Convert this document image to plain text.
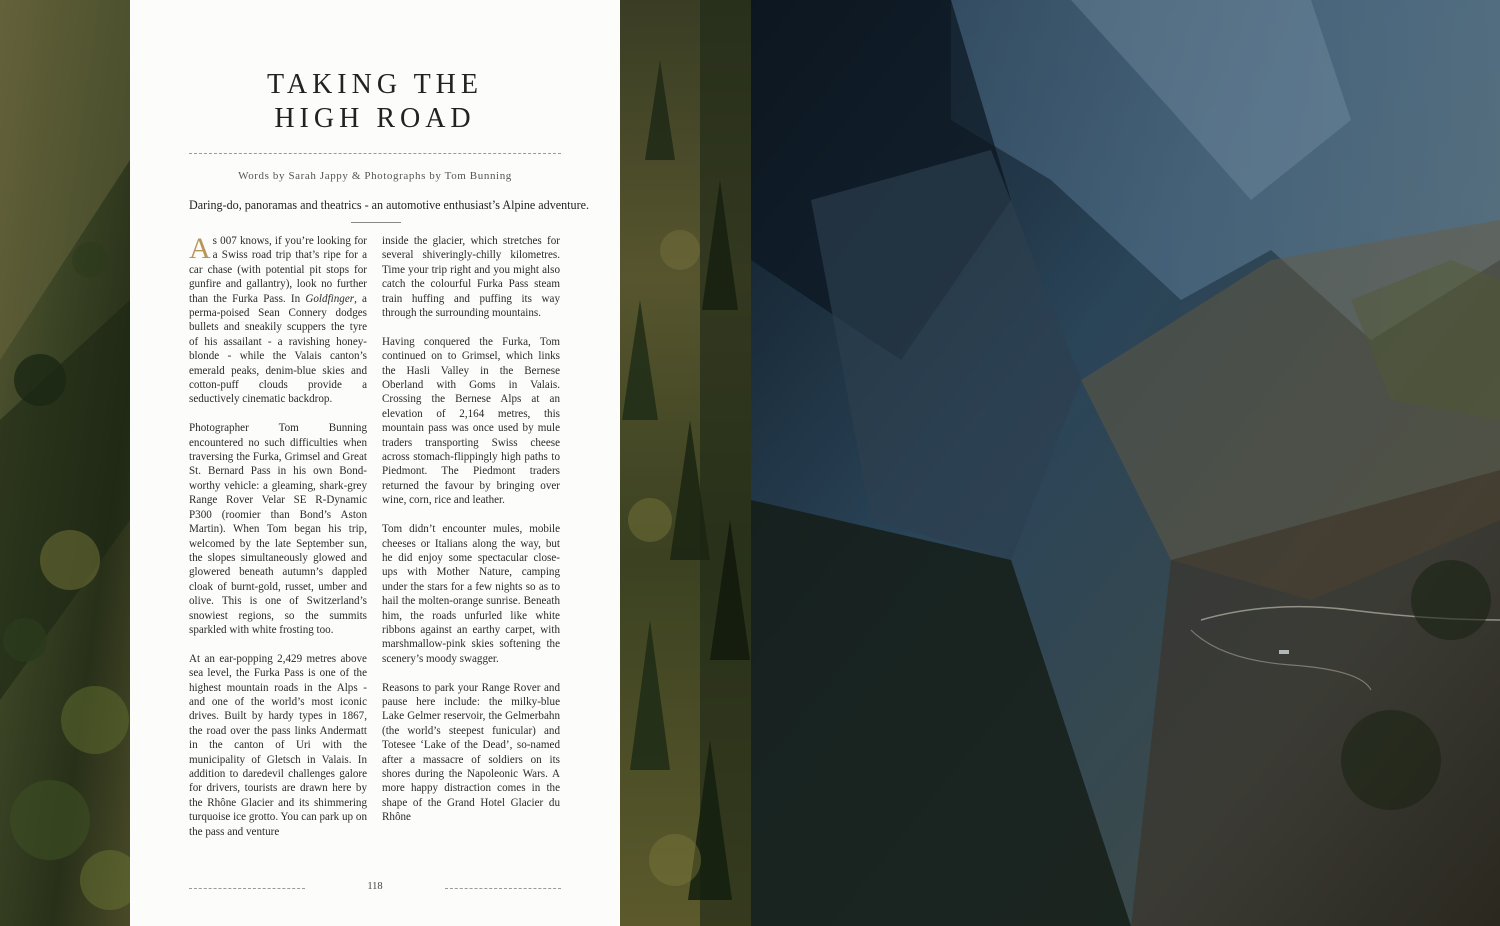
TAKING THE
HIGH ROAD
Words by Sarah Jappy & Photographs by Tom Bunning
Daring-do, panoramas and theatrics - an automotive enthusiast’s Alpine adventure.

As 007 knows, if you’re looking for a Swiss road trip that’s ripe for a car chase (with potential pit stops for gunfire and gallantry), look no further than the Furka Pass. In Goldfinger, a perma-poised Sean Connery dodges bullets and sneakily scuppers the tyre of his assailant - a ravishing honey-blonde - while the Valais canton’s emerald peaks, denim-blue skies and cotton-puff clouds provide a seductively cinematic backdrop.

Photographer Tom Bunning encountered no such difficulties when traversing the Furka, Grimsel and Great St. Bernard Pass in his own Bond-worthy vehicle: a gleaming, shark-grey Range Rover Velar SE R-Dynamic P300 (roomier than Bond’s Aston Martin). When Tom began his trip, welcomed by the late September sun, the slopes simultaneously glowed and glowered beneath autumn’s dappled cloak of burnt-gold, russet, umber and olive. This is one of Switzerland’s snowiest regions, so the summits sparkled with white frosting too.

At an ear-popping 2,429 metres above sea level, the Furka Pass is one of the highest mountain roads in the Alps - and one of the world’s most iconic drives. Built by hardy types in 1867, the road over the pass links Andermatt in the canton of Uri with the municipality of Gletsch in Valais. In addition to daredevil challenges galore for drivers, tourists are drawn here by the Rhône Glacier and its shimmering turquoise ice grotto. You can park up on the pass and venture

inside the glacier, which stretches for several shiveringly-chilly kilometres. Time your trip right and you might also catch the colourful Furka Pass steam train huffing and puffing its way through the surrounding mountains.

Having conquered the Furka, Tom continued on to Grimsel, which links the Hasli Valley in the Bernese Oberland with Goms in Valais. Crossing the Bernese Alps at an elevation of 2,164 metres, this mountain pass was once used by mule traders transporting Swiss cheese across stomach-flippingly high paths to Piedmont. The Piedmont traders returned the favour by bringing over wine, corn, rice and leather.

Tom didn’t encounter mules, mobile cheeses or Italians along the way, but he did enjoy some spectacular close-ups with Mother Nature, camping under the stars for a few nights so as to hail the molten-orange sunrise. Beneath him, the roads unfurled like white ribbons against an earthy carpet, with marshmallow-pink skies softening the scenery’s moody swagger.

Reasons to park your Range Rover and pause here include: the milky-blue Lake Gelmer reservoir, the Gelmerbahn (the world’s steepest funicular) and Totesee ‘Lake of the Dead’, so-named after a massacre of soldiers on its shores during the Napoleonic Wars. A more happy distraction comes in the shape of the Grand Hotel Glacier du Rhône

118
